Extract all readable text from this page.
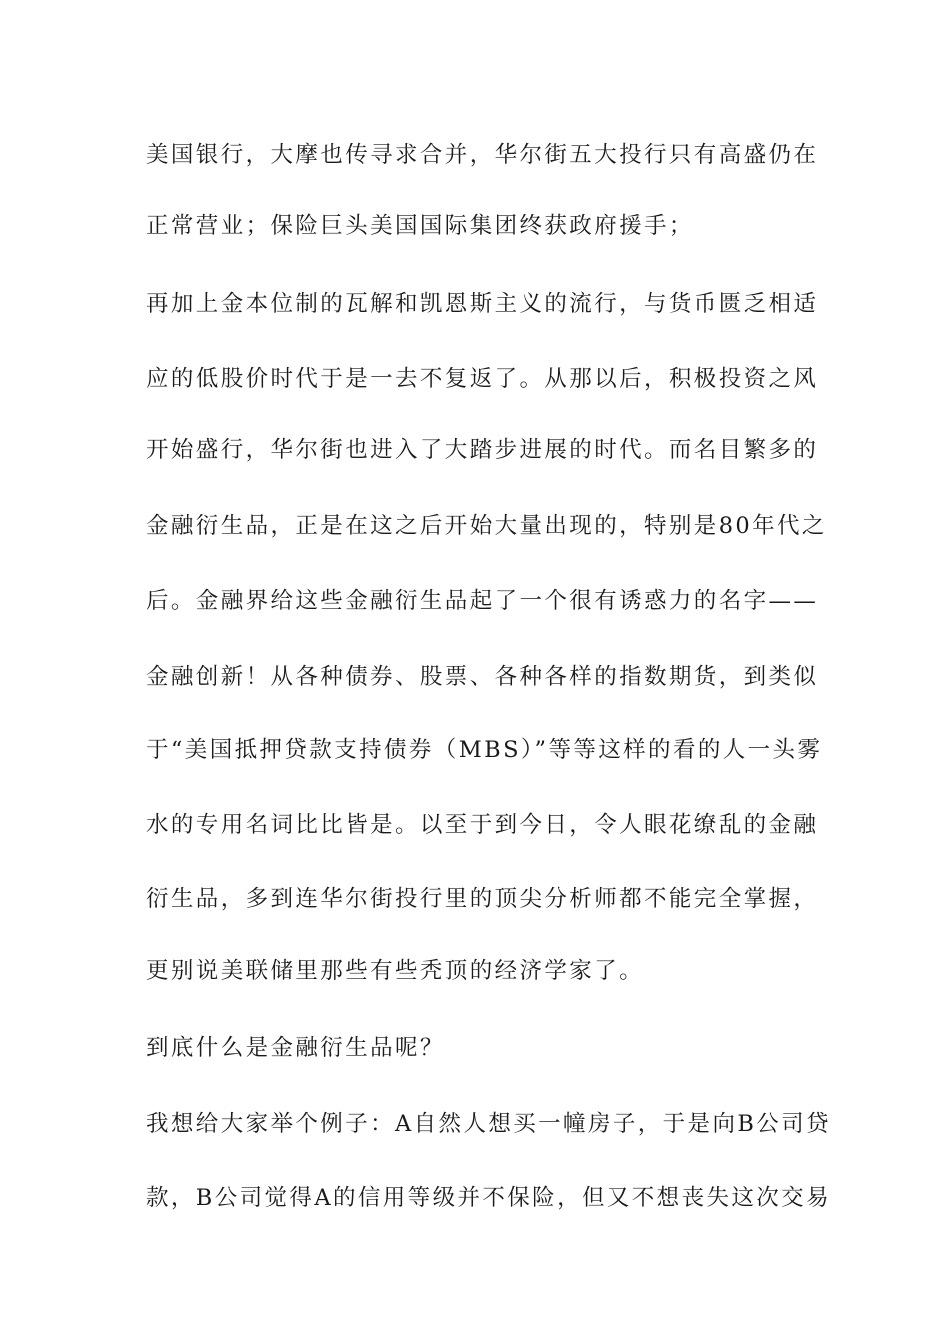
美国银行，大摩也传寻求合并，华尔街五大投行只有高盛仍在
正常营业；保险巨头美国国际集团终获政府援手；
再加上金本位制的瓦解和凯恩斯主义的流行，与货币匮乏相适
应的低股价时代于是一去不复返了。从那以后，积极投资之风
开始盛行，华尔街也进入了大踏步进展的时代。而名目繁多的
金融衍生品，正是在这之后开始大量出现的，特别是80年代之
后。金融界给这些金融衍生品起了一个很有诱惑力的名字——
金融创新！从各种债券、股票、各种各样的指数期货，到类似
于“美国抵押贷款支持债券（MBS）”等等这样的看的人一头雾
水的专用名词比比皆是。以至于到今日，令人眼花缭乱的金融
衍生品，多到连华尔街投行里的顶尖分析师都不能完全掌握，
更别说美联储里那些有些秃顶的经济学家了。
到底什么是金融衍生品呢？
我想给大家举个例子：A自然人想买一幢房子，于是向B公司贷
款，B公司觉得A的信用等级并不保险，但又不想丧失这次交易
